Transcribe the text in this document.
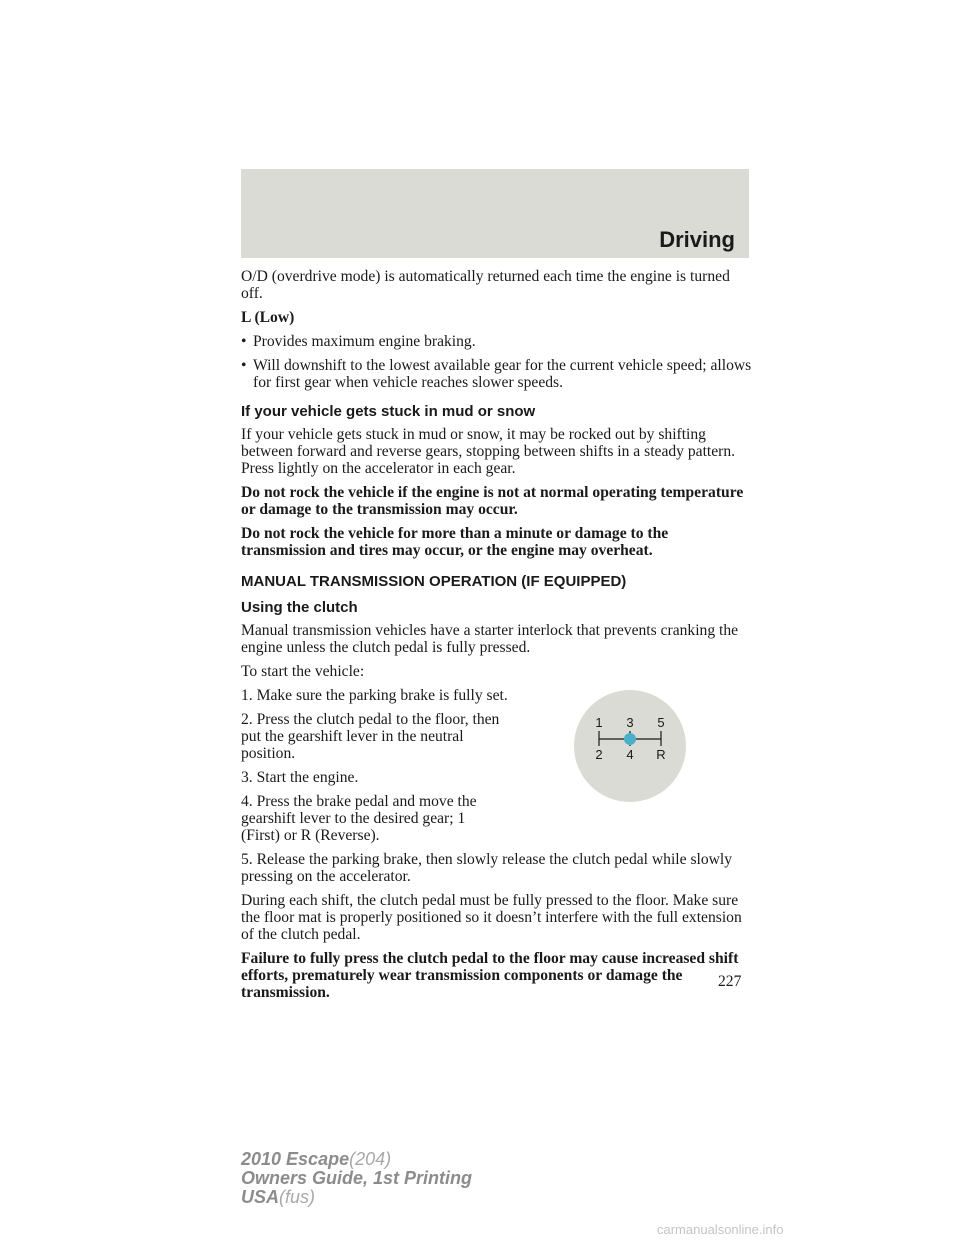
Driving

O/D (overdrive mode) is automatically returned each time the engine is turned off.

L (Low)

• Provides maximum engine braking.
• Will downshift to the lowest available gear for the current vehicle speed; allows for first gear when vehicle reaches slower speeds.
If your vehicle gets stuck in mud or snow

If your vehicle gets stuck in mud or snow, it may be rocked out by shifting between forward and reverse gears, stopping between shifts in a steady pattern. Press lightly on the accelerator in each gear.

Do not rock the vehicle if the engine is not at normal operating temperature or damage to the transmission may occur.

Do not rock the vehicle for more than a minute or damage to the transmission and tires may occur, or the engine may overheat.

MANUAL TRANSMISSION OPERATION (IF EQUIPPED)
Using the clutch

Manual transmission vehicles have a starter interlock that prevents cranking the engine unless the clutch pedal is fully pressed.

To start the vehicle:

1. Make sure the parking brake is fully set.

2. Press the clutch pedal to the floor, then put the gearshift lever in the neutral position.

3. Start the engine.

4. Press the brake pedal and move the gearshift lever to the desired gear; 1 (First) or R (Reverse).

5. Release the parking brake, then slowly release the clutch pedal while slowly pressing on the accelerator.

During each shift, the clutch pedal must be fully pressed to the floor. Make sure the floor mat is properly positioned so it doesn’t interfere with the full extension of the clutch pedal.

Failure to fully press the clutch pedal to the floor may cause increased shift efforts, prematurely wear transmission components or damage the transmission.

1 3 5
2 4 R
227
2010 Escape(204)
Owners Guide, 1st Printing
USA(fus)
carmanualsonline.info
